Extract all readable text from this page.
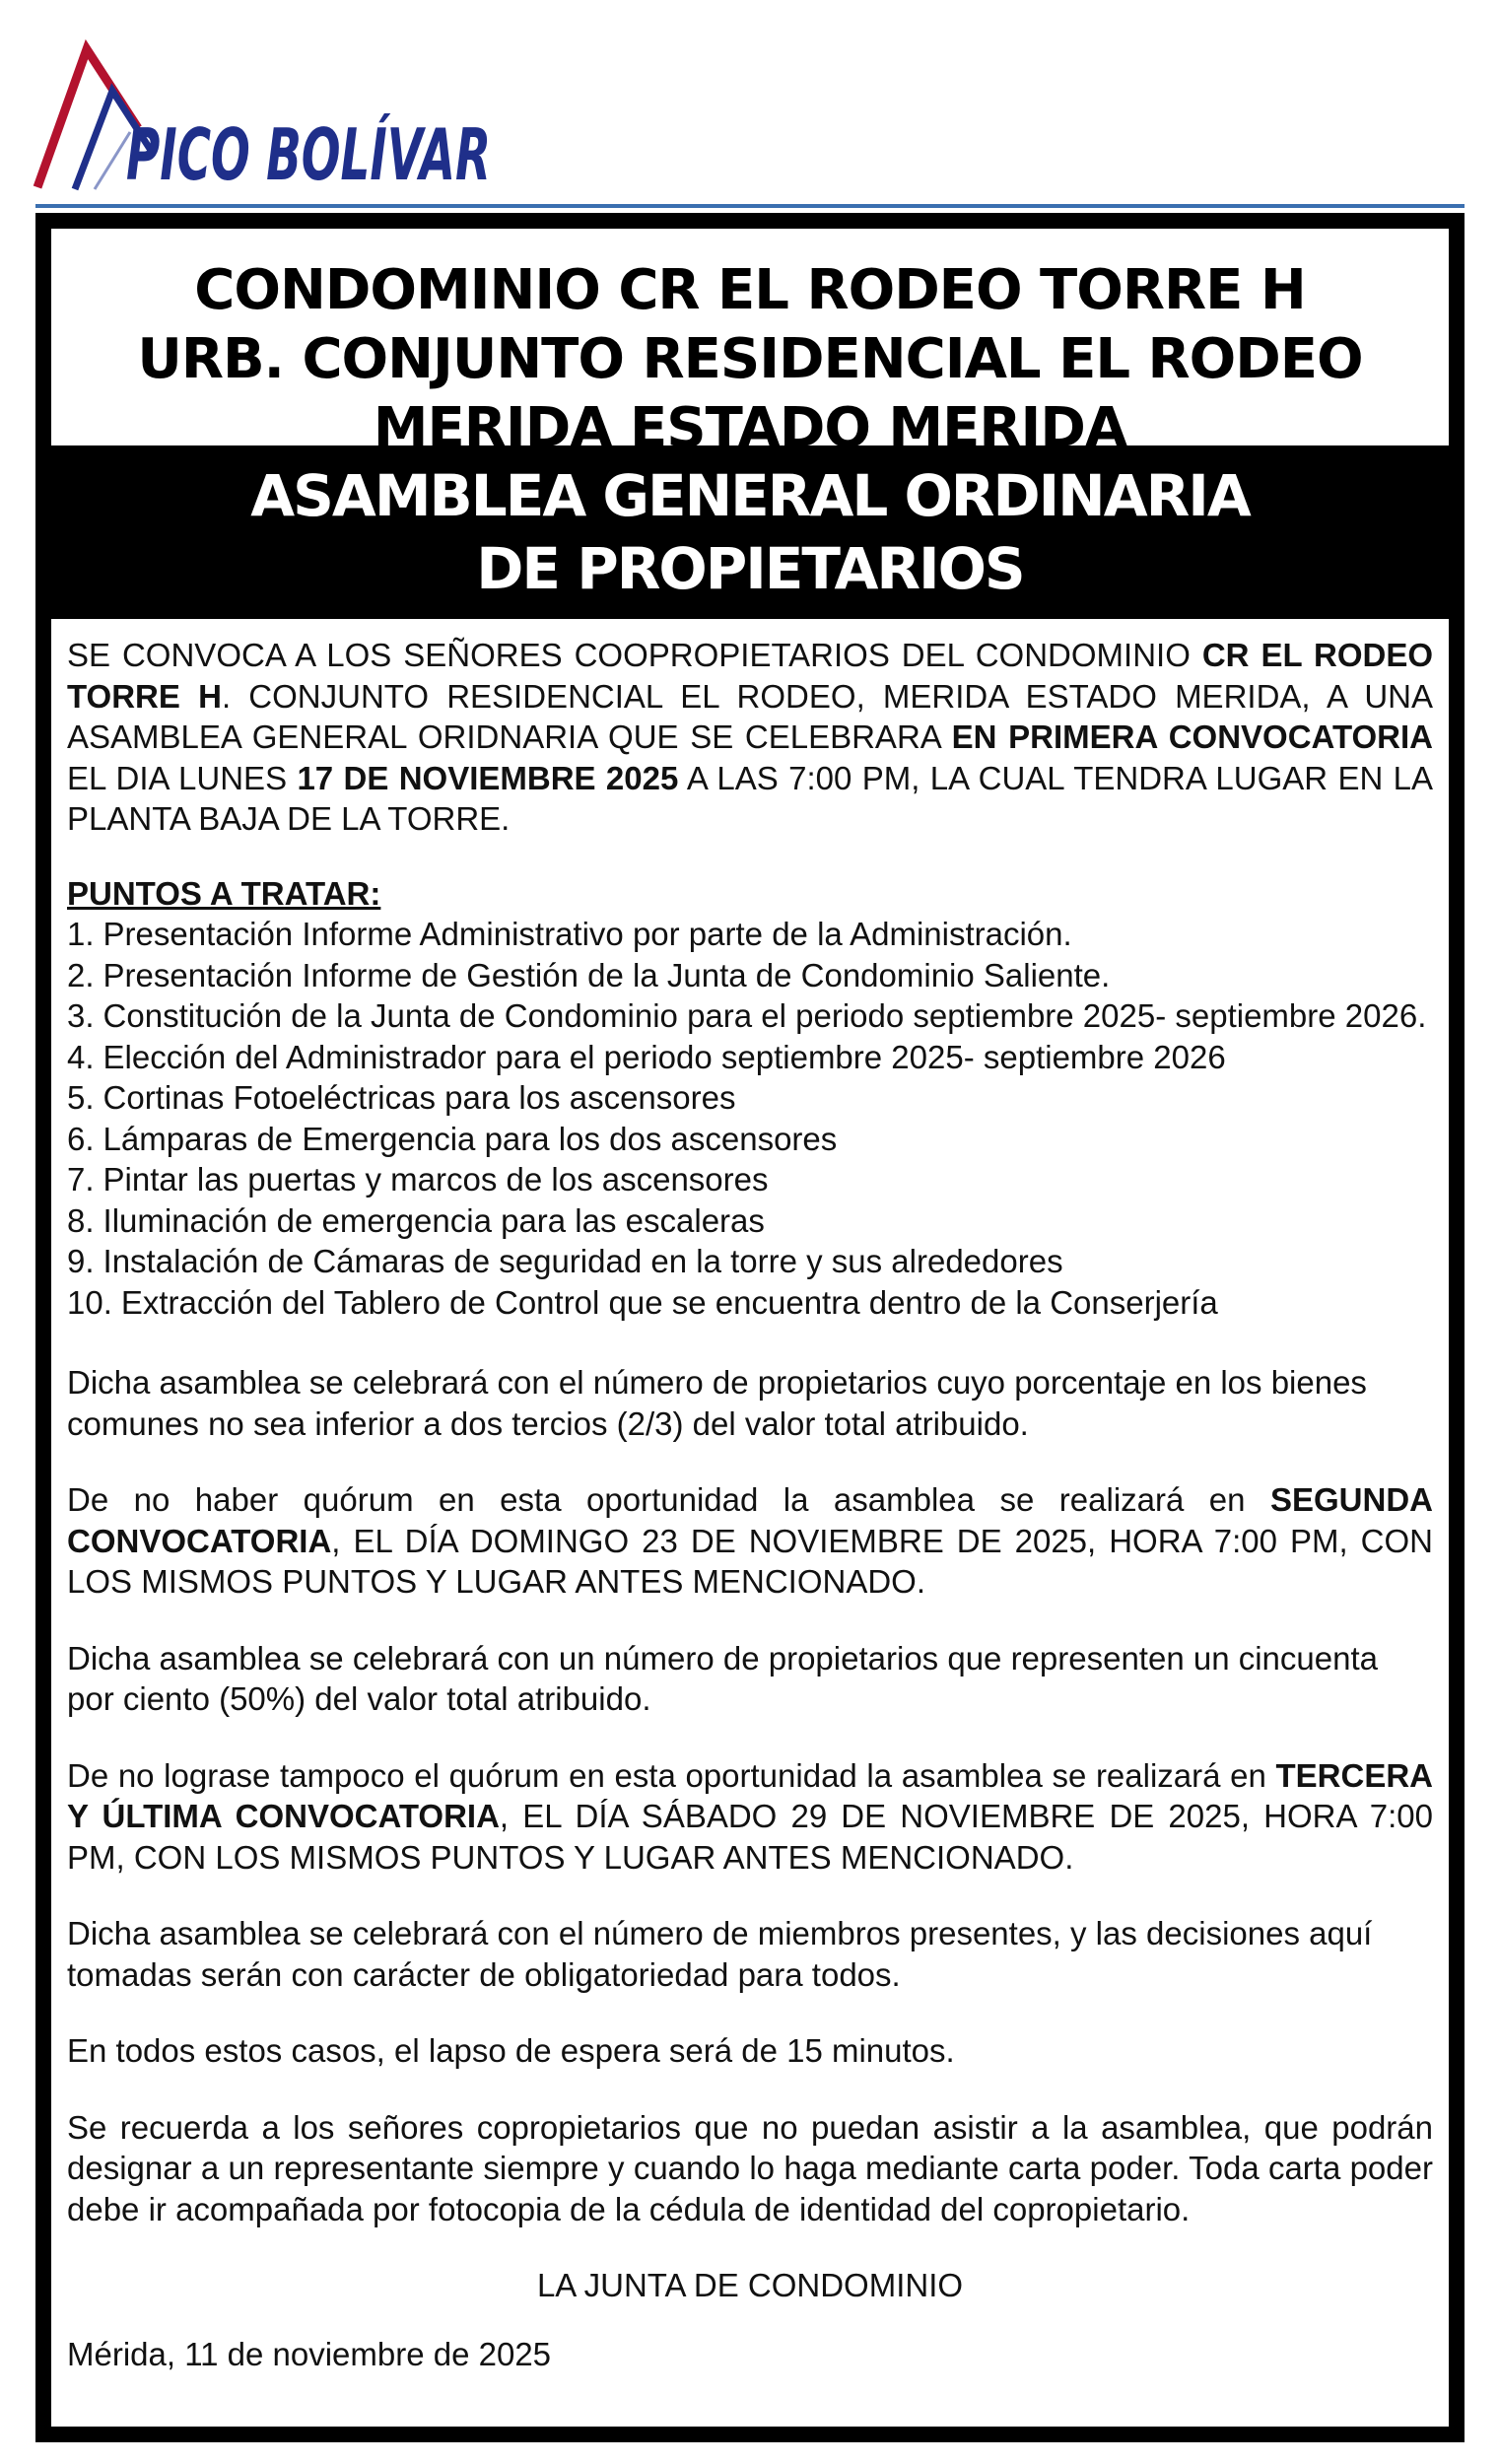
PICO BOLÍVAR
CONDOMINIO CR EL RODEO TORRE H
URB. CONJUNTO RESIDENCIAL EL RODEO
MERIDA ESTADO MERIDA
ASAMBLEA GENERAL ORDINARIA
DE PROPIETARIOS

SE CONVOCA A LOS SEÑORES COOPROPIETARIOS DEL CONDOMINIO CR EL RODEO TORRE H. CONJUNTO RESIDENCIAL EL RODEO, MERIDA ESTADO MERIDA, A UNA ASAMBLEA GENERAL ORIDNARIA QUE SE CELEBRARA EN PRIMERA CONVOCATORIA EL DIA LUNES 17 DE NOVIEMBRE 2025 A LAS 7:00 PM, LA CUAL TENDRA LUGAR EN LA PLANTA BAJA DE LA TORRE.

PUNTOS A TRATAR:
1. Presentación Informe Administrativo por parte de la Administración.
2. Presentación Informe de Gestión de la Junta de Condominio Saliente.
3. Constitución de la Junta de Condominio para el periodo septiembre 2025- septiembre 2026.
4. Elección del Administrador para el periodo septiembre 2025- septiembre 2026
5. Cortinas Fotoeléctricas para los ascensores
6. Lámparas de Emergencia para los dos ascensores
7. Pintar las puertas y marcos de los ascensores
8. Iluminación de emergencia para las escaleras
9. Instalación de Cámaras de seguridad en la torre y sus alrededores
10. Extracción del Tablero de Control que se encuentra dentro de la Conserjería

Dicha asamblea se celebrará con el número de propietarios cuyo porcentaje en los bienes comunes no sea inferior a dos tercios (2/3) del valor total atribuido.

De no haber quórum en esta oportunidad la asamblea se realizará en SEGUNDA CONVOCATORIA, EL DÍA DOMINGO 23 DE NOVIEMBRE DE 2025, HORA 7:00 PM, CON LOS MISMOS PUNTOS Y LUGAR ANTES MENCIONADO.

Dicha asamblea se celebrará con un número de propietarios que representen un cincuenta por ciento (50%) del valor total atribuido.

De no lograse tampoco el quórum en esta oportunidad la asamblea se realizará en TERCERA Y ÚLTIMA CONVOCATORIA, EL DÍA SÁBADO 29 DE NOVIEMBRE DE 2025, HORA 7:00 PM, CON LOS MISMOS PUNTOS Y LUGAR ANTES MENCIONADO.

Dicha asamblea se celebrará con el número de miembros presentes, y las decisiones aquí tomadas serán con carácter de obligatoriedad para todos.

En todos estos casos, el lapso de espera será de 15 minutos.

Se recuerda a los señores copropietarios que no puedan asistir a la asamblea, que podrán designar a un representante siempre y cuando lo haga mediante carta poder. Toda carta poder debe ir acompañada por fotocopia de la cédula de identidad del copropietario.

LA JUNTA DE CONDOMINIO

Mérida, 11 de noviembre de 2025
